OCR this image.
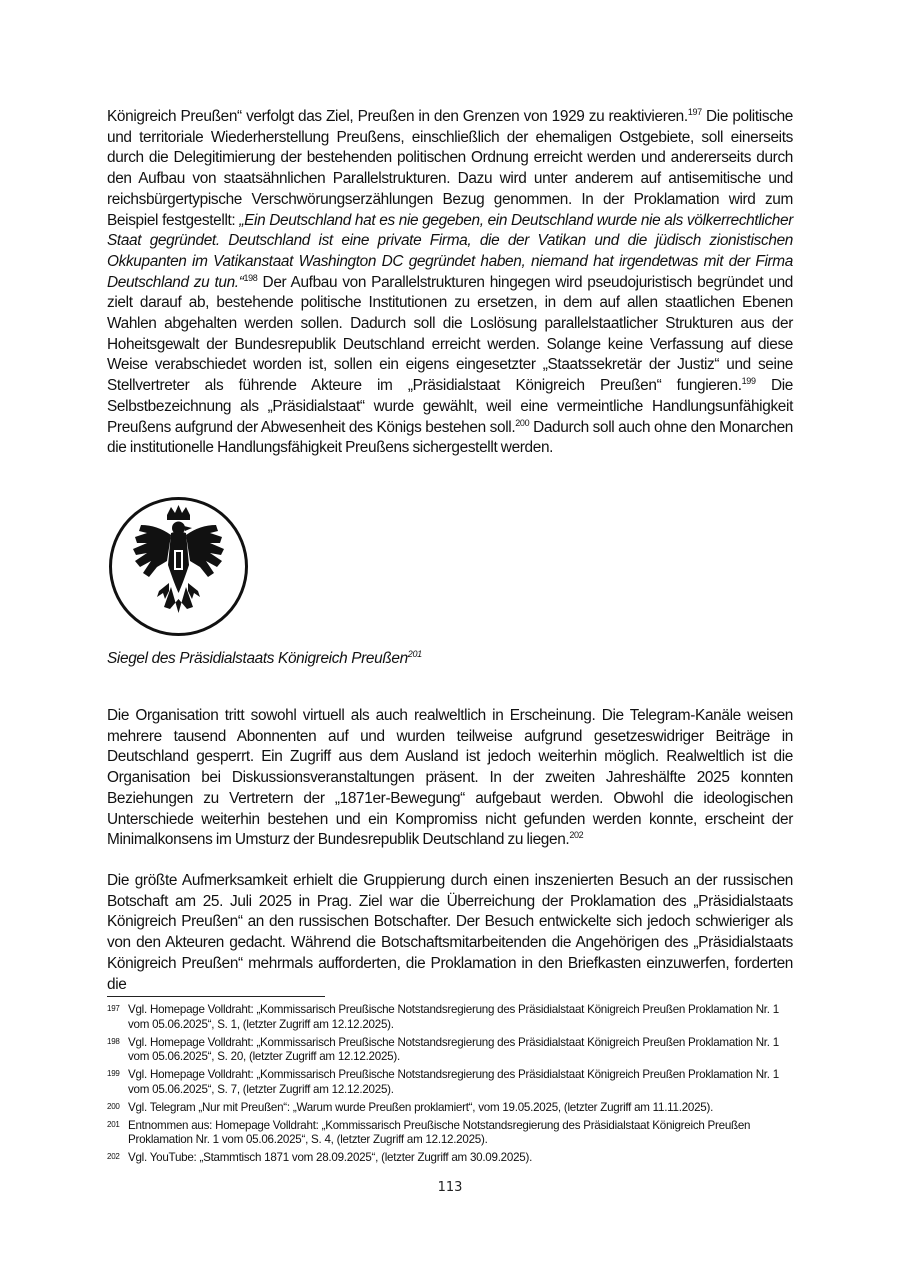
Königreich Preußen“ verfolgt das Ziel, Preußen in den Grenzen von 1929 zu reaktivieren.$^{197}$ Die politische und territoriale Wiederherstellung Preußens, einschließlich der ehemaligen Ostgebiete, soll einerseits durch die Delegitimierung der bestehenden politischen Ordnung erreicht werden und andererseits durch den Aufbau von staatsähnlichen Parallelstrukturen. Dazu wird unter anderem auf antisemitische und reichsbürgertypische Verschwörungserzählungen Bezug genommen. In der Proklamation wird zum Beispiel festgestellt: „Ein Deutschland hat es nie gegeben, ein Deutschland wurde nie als völkerrechtlicher Staat gegründet. Deutschland ist eine private Firma, die der Vatikan und die jüdisch zionistischen Okkupanten im Vatikanstaat Washington DC gegründet haben, niemand hat irgendetwas mit der Firma Deutschland zu tun.“$^{198}$ Der Aufbau von Parallelstrukturen hingegen wird pseudojuristisch begründet und zielt darauf ab, bestehende politische Institutionen zu ersetzen, in dem auf allen staatlichen Ebenen Wahlen abgehalten werden sollen. Dadurch soll die Loslösung parallelstaatlicher Strukturen aus der Hoheitsgewalt der Bundesrepublik Deutschland erreicht werden. Solange keine Verfassung auf diese Weise verabschiedet worden ist, sollen ein eigens eingesetzter „Staatssekretär der Justiz“ und seine Stellvertreter als führende Akteure im „Präsidialstaat Königreich Preußen“ fungieren.$^{199}$ Die Selbstbezeichnung als „Präsidialstaat“ wurde gewählt, weil eine vermeintliche Handlungsunfähigkeit Preußens aufgrund der Abwesenheit des Königs bestehen soll.$^{200}$ Dadurch soll auch ohne den Monarchen die institutionelle Handlungsfähigkeit Preußens sichergestellt werden.

Siegel des Präsidialstaats Königreich Preußen$^{201}$

Die Organisation tritt sowohl virtuell als auch realweltlich in Erscheinung. Die Telegram-Kanäle weisen mehrere tausend Abonnenten auf und wurden teilweise aufgrund gesetzeswidriger Beiträge in Deutschland gesperrt. Ein Zugriff aus dem Ausland ist jedoch weiterhin möglich. Realweltlich ist die Organisation bei Diskussionsveranstaltungen präsent. In der zweiten Jahreshälfte 2025 konnten Beziehungen zu Vertretern der „1871er-Bewegung“ aufgebaut werden. Obwohl die ideologischen Unterschiede weiterhin bestehen und ein Kompromiss nicht gefunden werden konnte, erscheint der Minimalkonsens im Umsturz der Bundesrepublik Deutschland zu liegen.$^{202}$

Die größte Aufmerksamkeit erhielt die Gruppierung durch einen inszenierten Besuch an der russischen Botschaft am 25. Juli 2025 in Prag. Ziel war die Überreichung der Proklamation des „Präsidialstaats Königreich Preußen“ an den russischen Botschafter. Der Besuch entwickelte sich jedoch schwieriger als von den Akteuren gedacht. Während die Botschaftsmitarbeitenden die Angehörigen des „Präsidialstaats Königreich Preußen“ mehrmals aufforderten, die Proklamation in den Briefkasten einzuwerfen, forderten die

197 Vgl. Homepage Volldraht: „Kommissarisch Preußische Notstandsregierung des Präsidialstaat Königreich Preußen Proklamation Nr. 1 vom 05.06.2025“, S. 1, (letzter Zugriff am 12.12.2025).
198 Vgl. Homepage Volldraht: „Kommissarisch Preußische Notstandsregierung des Präsidialstaat Königreich Preußen Proklamation Nr. 1 vom 05.06.2025“, S. 20, (letzter Zugriff am 12.12.2025).
199 Vgl. Homepage Volldraht: „Kommissarisch Preußische Notstandsregierung des Präsidialstaat Königreich Preußen Proklamation Nr. 1 vom 05.06.2025“, S. 7, (letzter Zugriff am 12.12.2025).
200 Vgl. Telegram „Nur mit Preußen“: „Warum wurde Preußen proklamiert“, vom 19.05.2025, (letzter Zugriff am 11.11.2025).
201 Entnommen aus: Homepage Volldraht: „Kommissarisch Preußische Notstandsregierung des Präsidialstaat Königreich Preußen Proklamation Nr. 1 vom 05.06.2025“, S. 4, (letzter Zugriff am 12.12.2025).
202 Vgl. YouTube: „Stammtisch 1871 vom 28.09.2025“, (letzter Zugriff am 30.09.2025).
113
